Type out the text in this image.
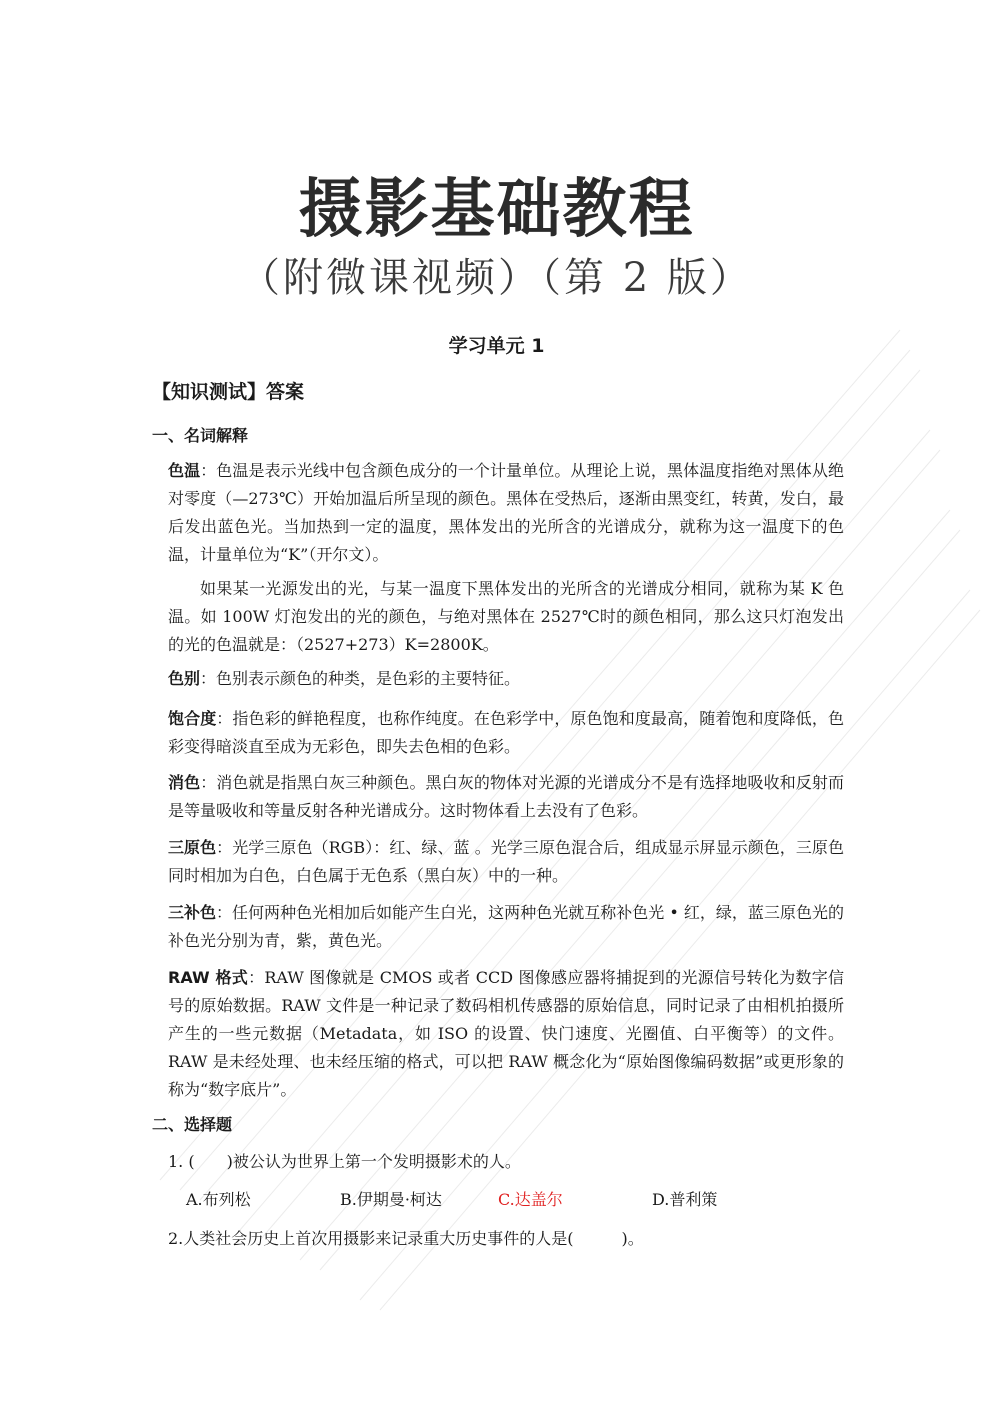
摄影基础教程
（附微课视频）（第 2 版）
学习单元 1
【知识测试】答案
一、名词解释
色温：色温是表示光线中包含颜色成分的一个计量单位。从理论上说，黑体温度指绝对黑体从绝对零度（—273℃）开始加温后所呈现的颜色。黑体在受热后，逐渐由黑变红，转黄，发白，最后发出蓝色光。当加热到一定的温度，黑体发出的光所含的光谱成分，就称为这一温度下的色温，计量单位为“K”（开尔文）。
如果某一光源发出的光，与某一温度下黑体发出的光所含的光谱成分相同，就称为某 K 色温。如 100W 灯泡发出的光的颜色，与绝对黑体在 2527℃时的颜色相同，那么这只灯泡发出的光的色温就是：（2527+273）K=2800K。
色别：色别表示颜色的种类，是色彩的主要特征。
饱合度：指色彩的鲜艳程度，也称作纯度。在色彩学中，原色饱和度最高，随着饱和度降低，色彩变得暗淡直至成为无彩色，即失去色相的色彩。
消色：消色就是指黑白灰三种颜色。黑白灰的物体对光源的光谱成分不是有选择地吸收和反射而是等量吸收和等量反射各种光谱成分。这时物体看上去没有了色彩。
三原色：光学三原色（RGB）：红、绿、蓝 。光学三原色混合后，组成显示屏显示颜色，三原色同时相加为白色，白色属于无色系（黑白灰）中的一种。
三补色：任何两种色光相加后如能产生白光，这两种色光就互称补色光 • 红，绿，蓝三原色光的补色光分别为青，紫，黄色光。
RAW 格式：RAW 图像就是 CMOS 或者 CCD 图像感应器将捕捉到的光源信号转化为数字信号的原始数据。RAW 文件是一种记录了数码相机传感器的原始信息，同时记录了由相机拍摄所产生的一些元数据（Metadata，如 ISO 的设置、快门速度、光圈值、白平衡等）的文件。RAW 是未经处理、也未经压缩的格式，可以把 RAW 概念化为“原始图像编码数据”或更形象的称为“数字底片”。
二、选择题
1. (　　)被公认为世界上第一个发明摄影术的人。
A.布列松	B.伊期曼·柯达	C.达盖尔	D.普利策
2.人类社会历史上首次用摄影来记录重大历史事件的人是(　　　)。
